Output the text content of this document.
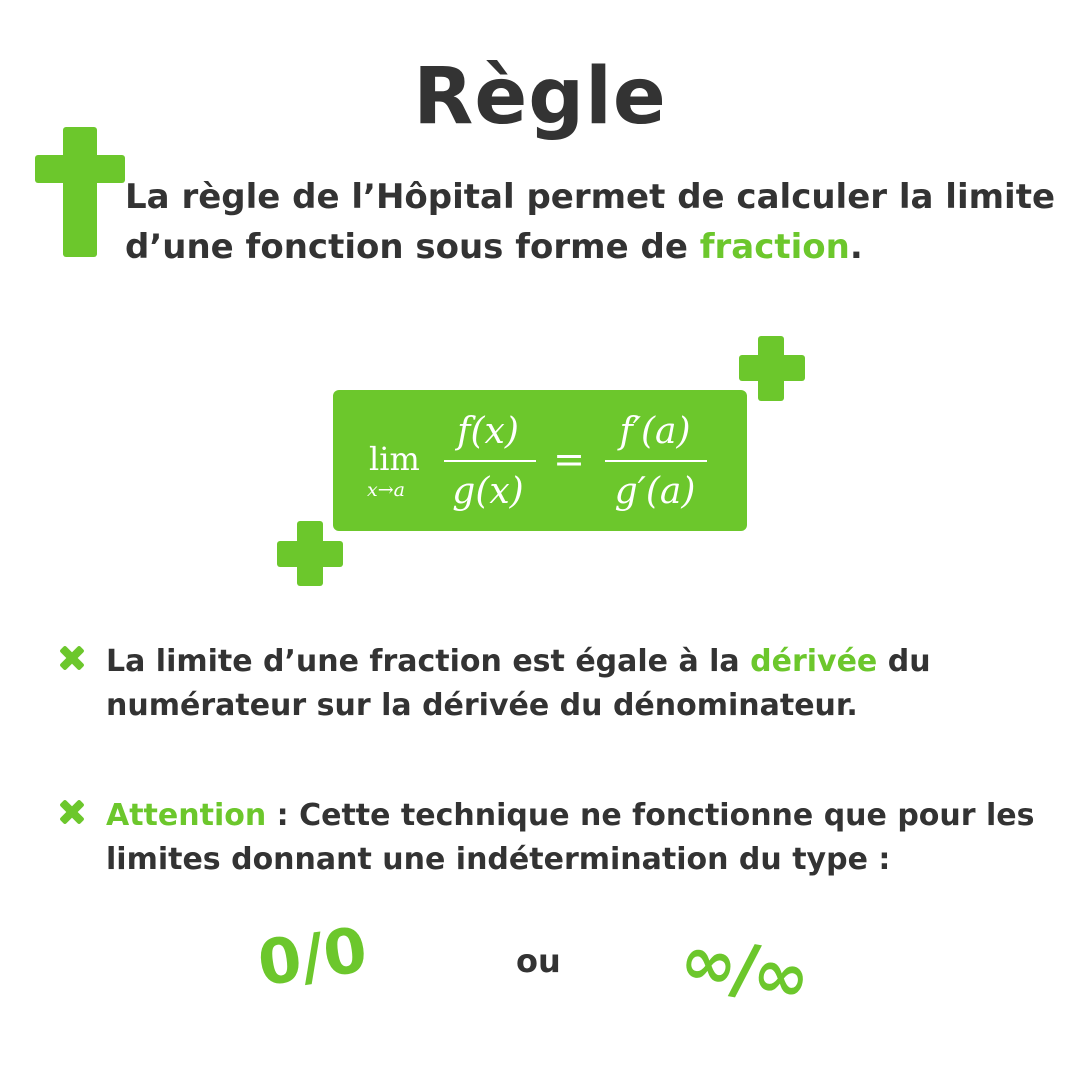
Règle
La règle de l’Hôpital permet de calculer la limite d’une fonction sous forme de fraction.
lim
x→a
f(x)
g(x)
=
f′(a)
g′(a)
La limite d’une fraction est égale à la dérivée du numérateur sur la dérivée du dénominateur.
Attention : Cette technique ne fonctionne que pour les limites donnant une indétermination du type :
0/0	ou ∞/∞
